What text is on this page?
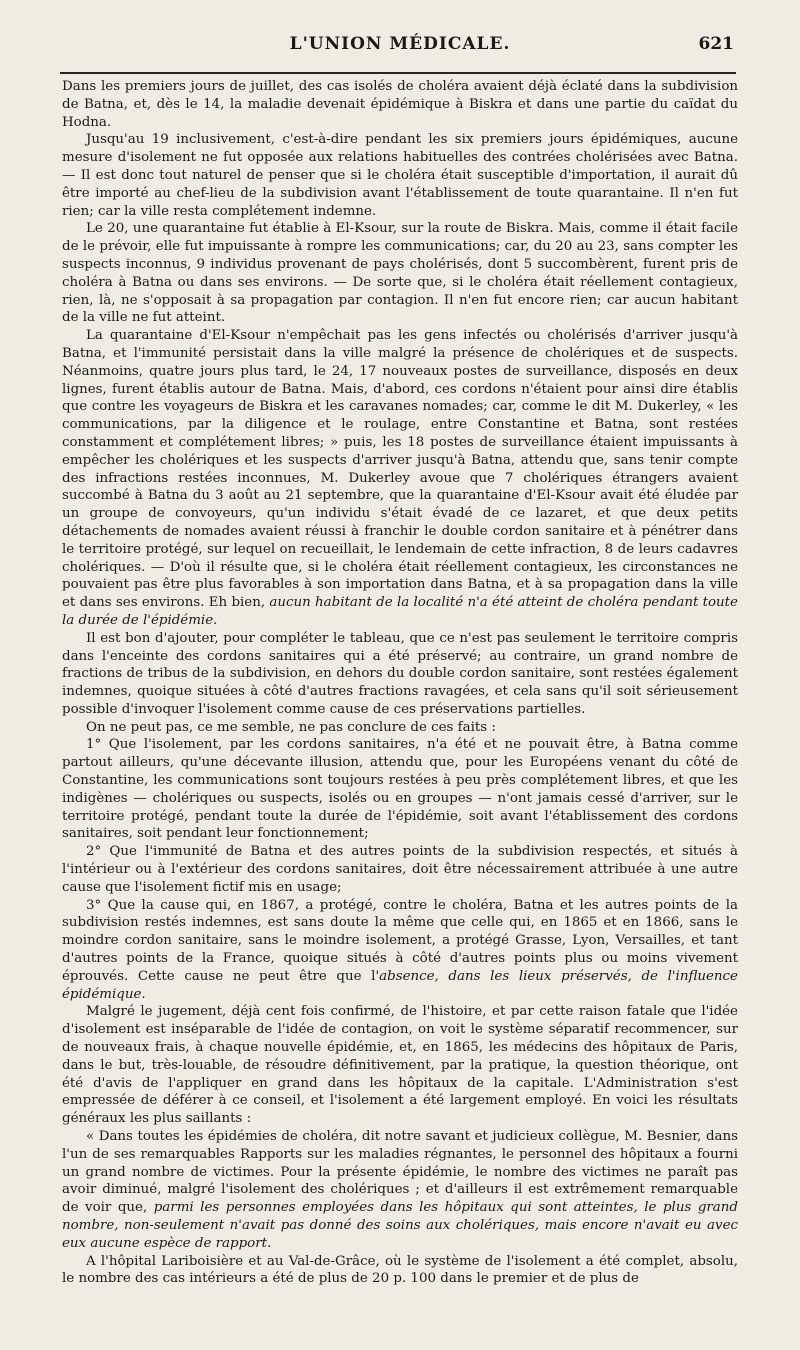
L'UNION MÉDICALE.	621

Dans les premiers jours de juillet, des cas isolés de choléra avaient déjà éclaté dans la subdivision de Batna, et, dès le 14, la maladie devenait épidémique à Biskra et dans une partie du caïdat du Hodna.

Jusqu'au 19 inclusivement, c'est-à-dire pendant les six premiers jours épidémiques, aucune mesure d'isolement ne fut opposée aux relations habituelles des contrées cholérisées avec Batna. — Il est donc tout naturel de penser que si le choléra était susceptible d'importation, il aurait dû être importé au chef-lieu de la subdivision avant l'établissement de toute quarantaine. Il n'en fut rien; car la ville resta complétement indemne.

Le 20, une quarantaine fut établie à El-Ksour, sur la route de Biskra. Mais, comme il était facile de le prévoir, elle fut impuissante à rompre les communications; car, du 20 au 23, sans compter les suspects inconnus, 9 individus provenant de pays cholérisés, dont 5 succombèrent, furent pris de choléra à Batna ou dans ses environs. — De sorte que, si le choléra était réellement contagieux, rien, là, ne s'opposait à sa propagation par contagion. Il n'en fut encore rien; car aucun habitant de la ville ne fut atteint.

La quarantaine d'El-Ksour n'empêchait pas les gens infectés ou cholérisés d'arriver jusqu'à Batna, et l'immunité persistait dans la ville malgré la présence de cholériques et de suspects. Néanmoins, quatre jours plus tard, le 24, 17 nouveaux postes de surveillance, disposés en deux lignes, furent établis autour de Batna. Mais, d'abord, ces cordons n'étaient pour ainsi dire établis que contre les voyageurs de Biskra et les caravanes nomades; car, comme le dit M. Dukerley, « les communications, par la diligence et le roulage, entre Constantine et Batna, sont restées constamment et complétement libres; » puis, les 18 postes de surveillance étaient impuissants à empêcher les cholériques et les suspects d'arriver jusqu'à Batna, attendu que, sans tenir compte des infractions restées inconnues, M. Dukerley avoue que 7 cholériques étrangers avaient succombé à Batna du 3 août au 21 septembre, que la quarantaine d'El-Ksour avait été éludée par un groupe de convoyeurs, qu'un individu s'était évadé de ce lazaret, et que deux petits détachements de nomades avaient réussi à franchir le double cordon sanitaire et à pénétrer dans le territoire protégé, sur lequel on recueillait, le lendemain de cette infraction, 8 de leurs cadavres cholériques. — D'où il résulte que, si le choléra était réellement contagieux, les circonstances ne pouvaient pas être plus favorables à son importation dans Batna, et à sa propagation dans la ville et dans ses environs. Eh bien, aucun habitant de la localité n'a été atteint de choléra pendant toute la durée de l'épidémie.

Il est bon d'ajouter, pour compléter le tableau, que ce n'est pas seulement le territoire compris dans l'enceinte des cordons sanitaires qui a été préservé; au contraire, un grand nombre de fractions de tribus de la subdivision, en dehors du double cordon sanitaire, sont restées également indemnes, quoique situées à côté d'autres fractions ravagées, et cela sans qu'il soit sérieusement possible d'invoquer l'isolement comme cause de ces préservations partielles.

On ne peut pas, ce me semble, ne pas conclure de ces faits :

1° Que l'isolement, par les cordons sanitaires, n'a été et ne pouvait être, à Batna comme partout ailleurs, qu'une décevante illusion, attendu que, pour les Européens venant du côté de Constantine, les communications sont toujours restées à peu près complétement libres, et que les indigènes — cholériques ou suspects, isolés ou en groupes — n'ont jamais cessé d'arriver, sur le territoire protégé, pendant toute la durée de l'épidémie, soit avant l'établissement des cordons sanitaires, soit pendant leur fonctionnement;

2° Que l'immunité de Batna et des autres points de la subdivision respectés, et situés à l'intérieur ou à l'extérieur des cordons sanitaires, doit être nécessairement attribuée à une autre cause que l'isolement fictif mis en usage;

3° Que la cause qui, en 1867, a protégé, contre le choléra, Batna et les autres points de la subdivision restés indemnes, est sans doute la même que celle qui, en 1865 et en 1866, sans le moindre cordon sanitaire, sans le moindre isolement, a protégé Grasse, Lyon, Versailles, et tant d'autres points de la France, quoique situés à côté d'autres points plus ou moins vivement éprouvés. Cette cause ne peut être que l'absence, dans les lieux préservés, de l'influence épidémique.

Malgré le jugement, déjà cent fois confirmé, de l'histoire, et par cette raison fatale que l'idée d'isolement est inséparable de l'idée de contagion, on voit le système séparatif recommencer, sur de nouveaux frais, à chaque nouvelle épidémie, et, en 1865, les médecins des hôpitaux de Paris, dans le but, très-louable, de résoudre définitivement, par la pratique, la question théorique, ont été d'avis de l'appliquer en grand dans les hôpitaux de la capitale. L'Administration s'est empressée de déférer à ce conseil, et l'isolement a été largement employé. En voici les résultats généraux les plus saillants :

« Dans toutes les épidémies de choléra, dit notre savant et judicieux collègue, M. Besnier, dans l'un de ses remarquables Rapports sur les maladies régnantes, le personnel des hôpitaux a fourni un grand nombre de victimes. Pour la présente épidémie, le nombre des victimes ne paraît pas avoir diminué, malgré l'isolement des cholériques ; et d'ailleurs il est extrêmement remarquable de voir que, parmi les personnes employées dans les hôpitaux qui sont atteintes, le plus grand nombre, non-seulement n'avait pas donné des soins aux cholériques, mais encore n'avait eu avec eux aucune espèce de rapport.

A l'hôpital Lariboisière et au Val-de-Grâce, où le système de l'isolement a été complet, absolu, le nombre des cas intérieurs a été de plus de 20 p. 100 dans le premier et de plus de
